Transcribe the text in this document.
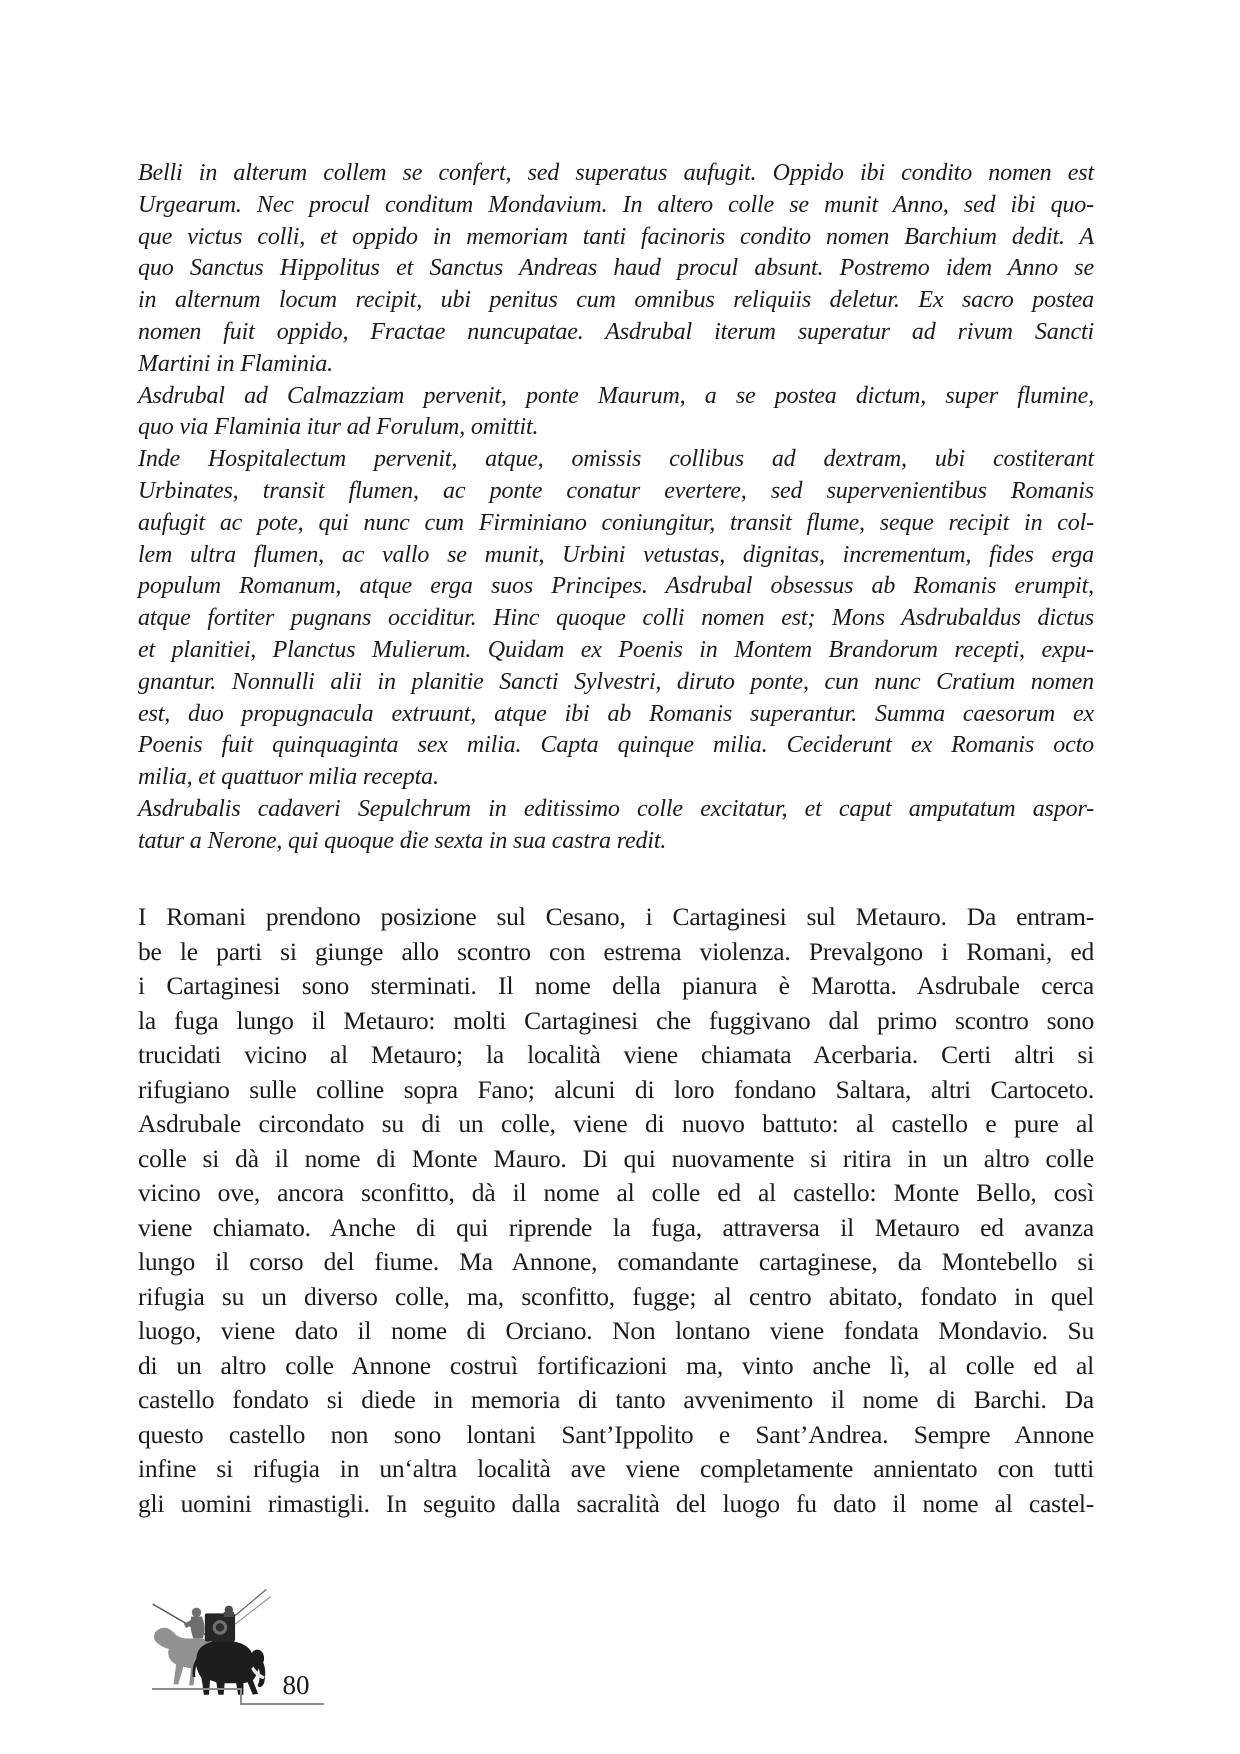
Belli in alterum collem se confert, sed superatus aufugit. Oppido ibi condito nomen est
Urgearum. Nec procul conditum Mondavium. In altero colle se munit Anno, sed ibi quo-
que victus colli, et oppido in memoriam tanti facinoris condito nomen Barchium dedit. A
quo Sanctus Hippolitus et Sanctus Andreas haud procul absunt. Postremo idem Anno se
in alternum locum recipit, ubi penitus cum omnibus reliquiis deletur. Ex sacro postea
nomen fuit oppido, Fractae nuncupatae. Asdrubal iterum superatur ad rivum Sancti
Martini in Flaminia.
Asdrubal ad Calmazziam pervenit, ponte Maurum, a se postea dictum, super flumine,
quo via Flaminia itur ad Forulum, omittit.
Inde Hospitalectum pervenit, atque, omissis collibus ad dextram, ubi costiterant
Urbinates, transit flumen, ac ponte conatur evertere, sed supervenientibus Romanis
aufugit ac pote, qui nunc cum Firminiano coniungitur, transit flume, seque recipit in col-
lem ultra flumen, ac vallo se munit, Urbini vetustas, dignitas, incrementum, fides erga
populum Romanum, atque erga suos Principes. Asdrubal obsessus ab Romanis erumpit,
atque fortiter pugnans occiditur. Hinc quoque colli nomen est; Mons Asdrubaldus dictus
et planitiei, Planctus Mulierum. Quidam ex Poenis in Montem Brandorum recepti, expu-
gnantur. Nonnulli alii in planitie Sancti Sylvestri, diruto ponte, cun nunc Cratium nomen
est, duo propugnacula extruunt, atque ibi ab Romanis superantur. Summa caesorum ex
Poenis fuit quinquaginta sex milia. Capta quinque milia. Ceciderunt ex Romanis octo
milia, et quattuor milia recepta.
Asdrubalis cadaveri Sepulchrum in editissimo colle excitatur, et caput amputatum aspor-
tatur a Nerone, qui quoque die sexta in sua castra redit.
I Romani prendono posizione sul Cesano, i Cartaginesi sul Metauro. Da entram-
be le parti si giunge allo scontro con estrema violenza. Prevalgono i Romani, ed
i Cartaginesi sono sterminati. Il nome della pianura è Marotta. Asdrubale cerca
la fuga lungo il Metauro: molti Cartaginesi che fuggivano dal primo scontro sono
trucidati vicino al Metauro; la località viene chiamata Acerbaria. Certi altri si
rifugiano sulle colline sopra Fano; alcuni di loro fondano Saltara, altri Cartoceto.
Asdrubale circondato su di un colle, viene di nuovo battuto: al castello e pure al
colle si dà il nome di Monte Mauro. Di qui nuovamente si ritira in un altro colle
vicino ove, ancora sconfitto, dà il nome al colle ed al castello: Monte Bello, così
viene chiamato. Anche di qui riprende la fuga, attraversa il Metauro ed avanza
lungo il corso del fiume. Ma Annone, comandante cartaginese, da Montebello si
rifugia su un diverso colle, ma, sconfitto, fugge; al centro abitato, fondato in quel
luogo, viene dato il nome di Orciano. Non lontano viene fondata Mondavio. Su
di un altro colle Annone costruì fortificazioni ma, vinto anche lì, al colle ed al
castello fondato si diede in memoria di tanto avvenimento il nome di Barchi. Da
questo castello non sono lontani Sant’Ippolito e Sant’Andrea. Sempre Annone
infine si rifugia in un‘altra località ave viene completamente annientato con tutti
gli uomini rimastigli. In seguito dalla sacralità del luogo fu dato il nome al castel-
80
